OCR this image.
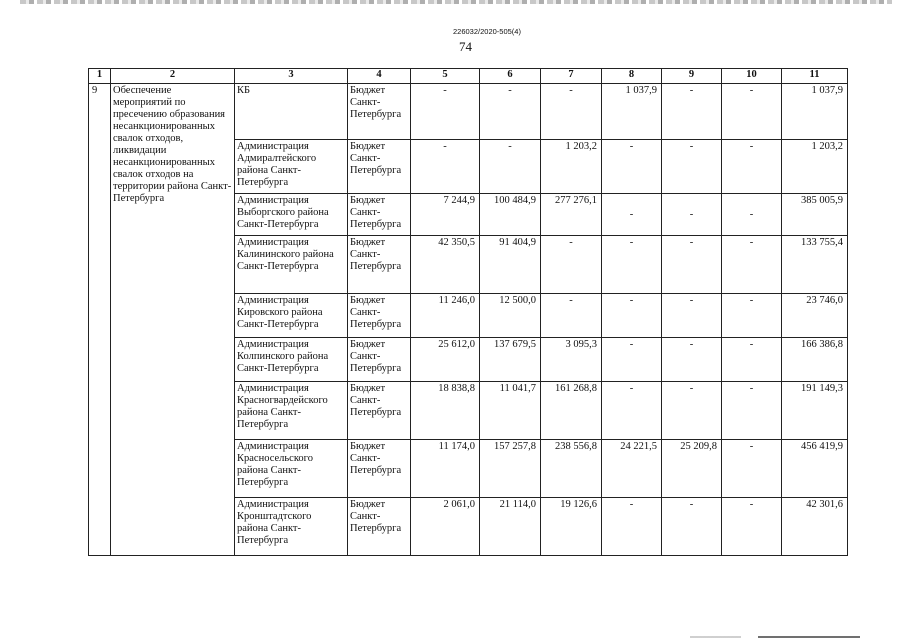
226032/2020-505(4)
74
1	2	3	4	5	6	7	8	9	10	11
9	Обеспечение мероприятий по пресечению образования несанкционированных свалок отходов, ликвидации несанкционированных свалок отходов на территории района Санкт-Петербурга	КБ	Бюджет Санкт-Петербурга	-	-	-	1 037,9	-	-	1 037,9
		Администрация Адмиралтейского района Санкт-Петербурга	Бюджет Санкт-Петербурга	-	-	1 203,2	-	-	-	1 203,2
		Администрация Выборгского района Санкт-Петербурга	Бюджет Санкт-Петербурга	7 244,9	100 484,9	277 276,1	-	-	-	385 005,9
		Администрация Калининского района Санкт-Петербурга	Бюджет Санкт-Петербурга	42 350,5	91 404,9	-	-	-	-	133 755,4
		Администрация Кировского района Санкт-Петербурга	Бюджет Санкт-Петербурга	11 246,0	12 500,0	-	-	-	-	23 746,0
		Администрация Колпинского района Санкт-Петербурга	Бюджет Санкт-Петербурга	25 612,0	137 679,5	3 095,3	-	-	-	166 386,8
		Администрация Красногвардейского района Санкт-Петербурга	Бюджет Санкт-Петербурга	18 838,8	11 041,7	161 268,8	-	-	-	191 149,3
		Администрация Красносельского района Санкт-Петербурга	Бюджет Санкт-Петербурга	11 174,0	157 257,8	238 556,8	24 221,5	25 209,8	-	456 419,9
		Администрация Кронштадтского района Санкт-Петербурга	Бюджет Санкт-Петербурга	2 061,0	21 114,0	19 126,6	-	-	-	42 301,6
